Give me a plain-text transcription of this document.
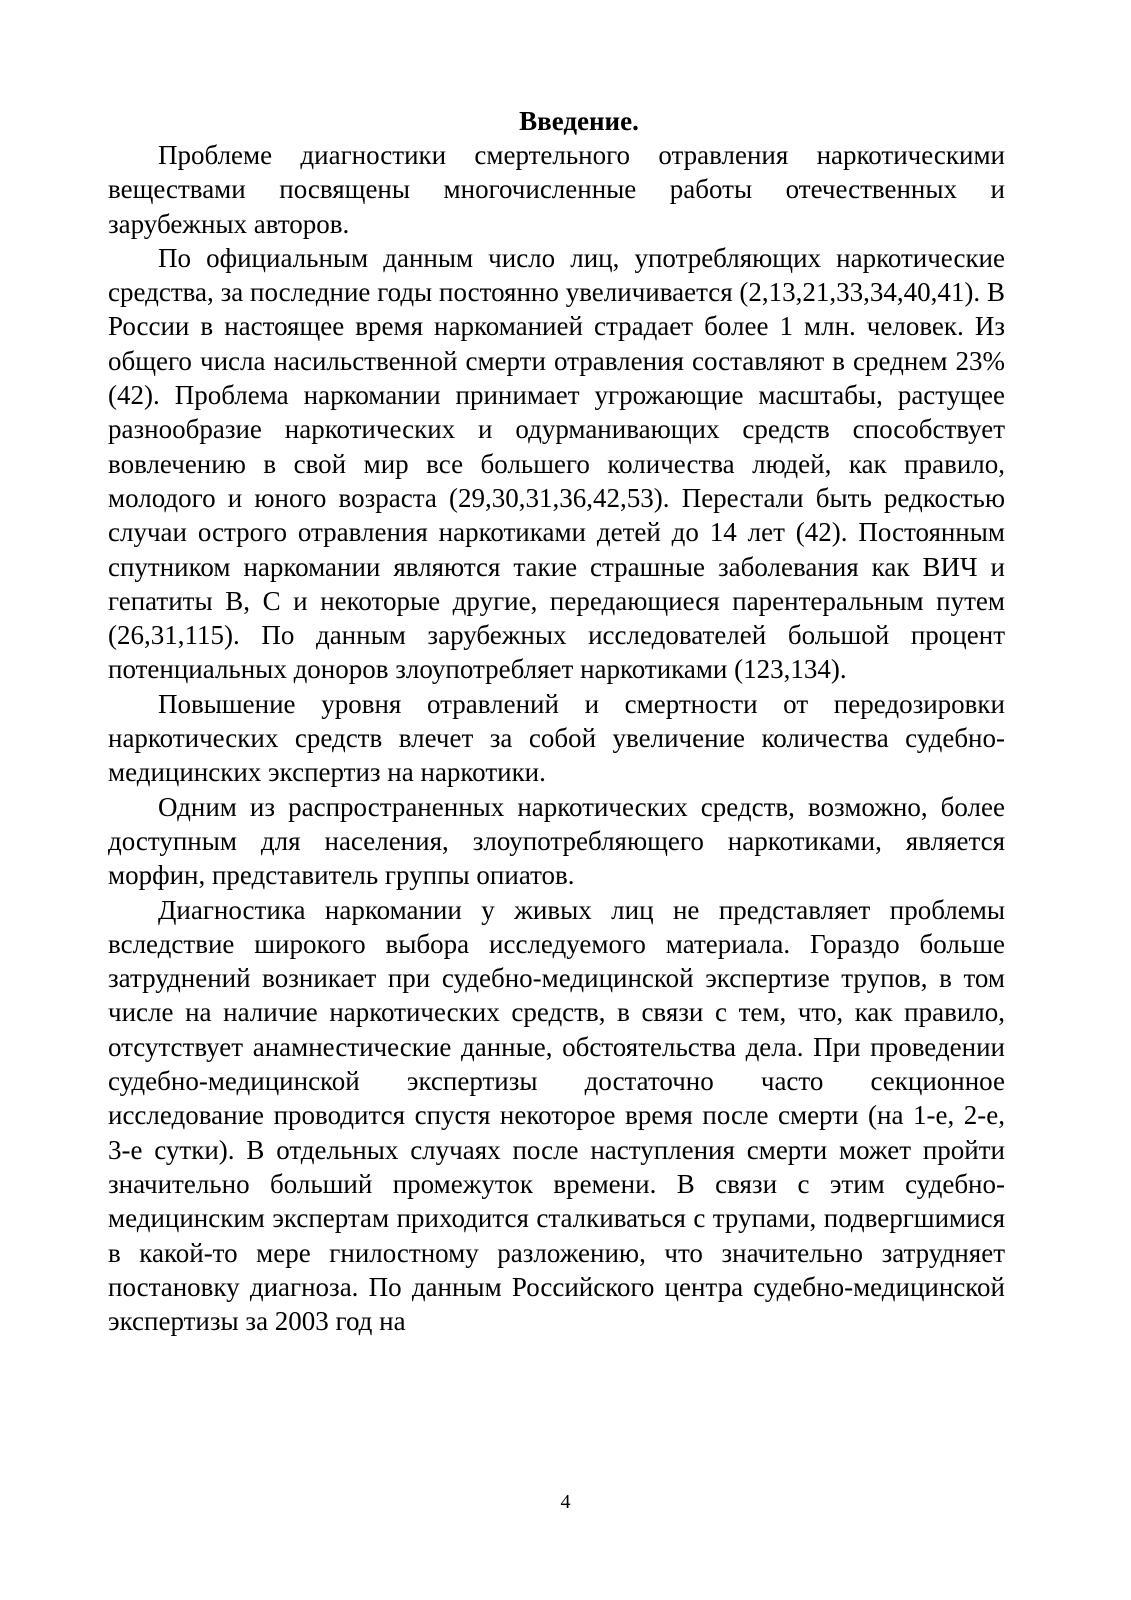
Введение.

Проблеме диагностики смертельного отравления наркотическими веществами посвящены многочисленные работы отечественных и зарубежных авторов.

По официальным данным число лиц, употребляющих наркотические средства, за последние годы постоянно увеличивается (2,13,21,33,34,40,41). В России в настоящее время наркоманией страдает более 1 млн. человек. Из общего числа насильственной смерти отравления составляют в среднем 23% (42). Проблема наркомании принимает угрожающие масштабы, растущее разнообразие наркотических и одурманивающих средств способствует вовлечению в свой мир все большего количества людей, как правило, молодого и юного возраста (29,30,31,36,42,53). Перестали быть редкостью случаи острого отравления наркотиками детей до 14 лет (42). Постоянным спутником наркомании являются такие страшные заболевания как ВИЧ и гепатиты В, С и некоторые другие, передающиеся парентеральным путем (26,31,115). По данным зарубежных исследователей большой процент потенциальных доноров злоупотребляет наркотиками (123,134).

Повышение уровня отравлений и смертности от передозировки наркотических средств влечет за собой увеличение количества судебно-медицинских экспертиз на наркотики.

Одним из распространенных наркотических средств, возможно, более доступным для населения, злоупотребляющего наркотиками, является морфин, представитель группы опиатов.

Диагностика наркомании у живых лиц не представляет проблемы вследствие широкого выбора исследуемого материала. Гораздо больше затруднений возникает при судебно-медицинской экспертизе трупов, в том числе на наличие наркотических средств, в связи с тем, что, как правило, отсутствует анамнестические данные, обстоятельства дела. При проведении судебно-медицинской экспертизы достаточно часто секционное исследование проводится спустя некоторое время после смерти (на 1-е, 2-е, 3-е сутки). В отдельных случаях после наступления смерти может пройти значительно больший промежуток времени. В связи с этим судебно-медицинским экспертам приходится сталкиваться с трупами, подвергшимися в какой-то мере гнилостному разложению, что значительно затрудняет постановку диагноза. По данным Российского центра судебно-медицинской экспертизы за 2003 год на

4
